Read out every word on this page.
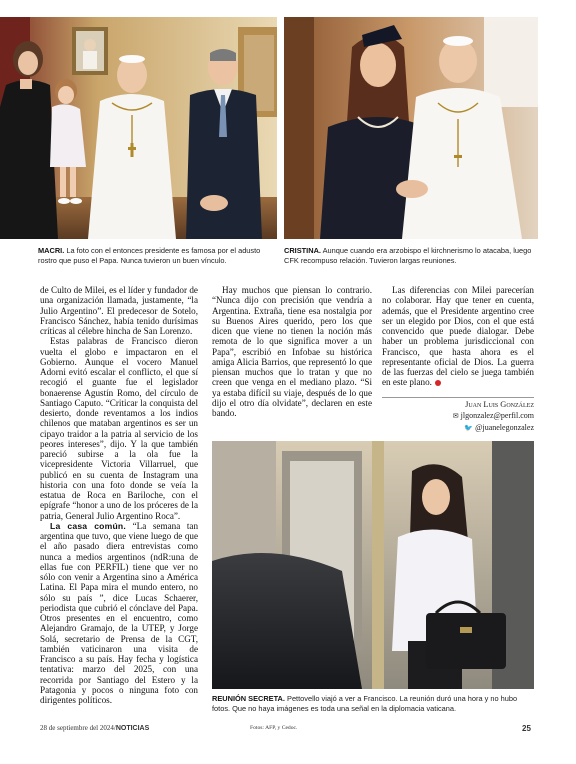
MACRI. La foto con el entonces presidente es famosa por el adusto rostro que puso el Papa. Nunca tuvieron un buen vínculo.
CRISTINA. Aunque cuando era arzobispo el kirchnerismo lo atacaba, luego CFK recompuso relación. Tuvieron largas reuniones.

de Culto de Milei, es el líder y fundador de una organización llamada, justamente, “la Julio Argentino”. El predecesor de Sotelo, Francisco Sánchez, había tenido durísimas críticas al célebre hincha de San Lorenzo.

Estas palabras de Francisco dieron vuelta el globo e impactaron en el Gobierno. Aunque el vocero Manuel Adorni evitó escalar el conflicto, el que sí recogió el guante fue el legislador bonaerense Agustín Romo, del círculo de Santiago Caputo. “Criticar la conquista del desierto, donde reventamos a los indios chilenos que mataban argentinos es ser un cipayo traidor a la patria al servicio de los peores intereses”, dijo. Y la que también pareció subirse a la ola fue la vicepresidente Victoria Villarruel, que publicó en su cuenta de Instagram una historia con una foto donde se veía la estatua de Roca en Bariloche, con el epígrafe “honor a uno de los próceres de la patria, General Julio Argentino Roca”.

La casa común. “La semana tan argentina que tuvo, que viene luego de que el año pasado diera entrevistas como nunca a medios argentinos (ndR:una de ellas fue con PERFIL) tiene que ver no sólo con venir a Argentina sino a América Latina. El Papa mira el mundo entero, no sólo su país ”, dice Lucas Schaerer, periodista que cubrió el cónclave del Papa. Otros presentes en el encuentro, como Alejandro Gramajo, de la UTEP, y Jorge Solá, secretario de Prensa de la CGT, también vaticinaron una visita de Francisco a su país. Hay fecha y logística tentativa: marzo del 2025, con una recorrida por Santiago del Estero y la Patagonia y pocos o ninguna foto con dirigentes políticos.

Hay muchos que piensan lo contrario. “Nunca dijo con precisión que vendría a Argentina. Extraña, tiene esa nostalgia por su Buenos Aires querido, pero los que dicen que viene no tienen la noción más remota de lo que significa mover a un Papa”, escribió en Infobae su histórica amiga Alicia Barrios, que representó lo que piensan muchos que lo tratan y que no creen que venga en el mediano plazo. “Si ya estaba difícil su viaje, después de lo que dijo el otro día olvidate”, declaren en este bando.

Las diferencias con Milei parecerían no colaborar. Hay que tener en cuenta, además, que el Presidente argentino cree ser un elegido por Dios, con el que está convencido que puede dialogar. Debe haber un problema jurisdiccional con Francisco, que hasta ahora es el representante oficial de Dios. La guerra de las fuerzas del cielo se juega también en este plano.

Juan Luis González
✉ jlgonzalez@perfil.com
🐦 @juanelegonzalez
REUNIÓN SECRETA. Pettovello viajó a ver a Francisco. La reunión duró una hora y no hubo fotos. Que no haya imágenes es toda una señal en la diplomacia vaticana.
28 de septiembre del 2024/NOTICIAS	Fotos: AFP, y Cedoc.	25
